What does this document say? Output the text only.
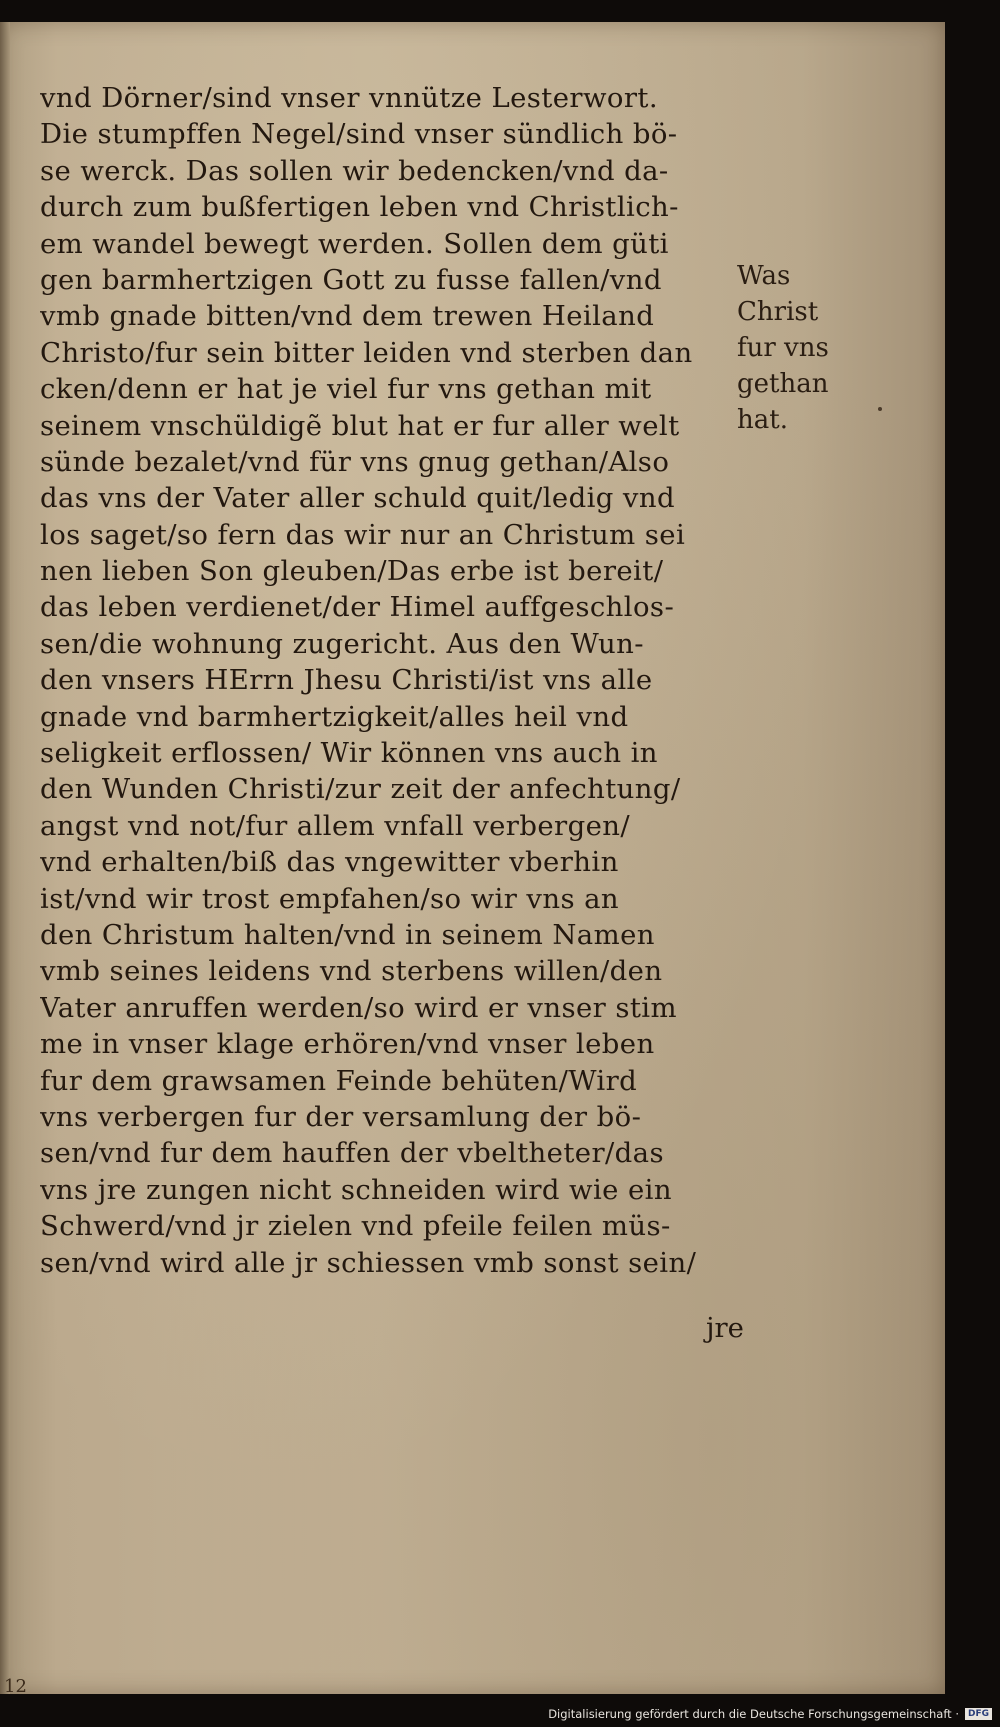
vnd Dörner/sind vnser vnnütze Lesterwort.
Die stumpffen Negel/sind vnser sündlich bö-
se werck. Das sollen wir bedencken/vnd da-
durch zum bußfertigen leben vnd Christlich-
em wandel bewegt werden. Sollen dem güti
gen barmhertzigen Gott zu fusse fallen/vnd
vmb gnade bitten/vnd dem trewen Heiland
Christo/fur sein bitter leiden vnd sterben dan
cken/denn er hat je viel fur vns gethan mit
seinem vnschüldigẽ blut hat er fur aller welt
sünde bezalet/vnd für vns gnug gethan/Also
das vns der Vater aller schuld quit/ledig vnd
los saget/so fern das wir nur an Christum sei
nen lieben Son gleuben/Das erbe ist bereit/
das leben verdienet/der Himel auffgeschlos-
sen/die wohnung zugericht. Aus den Wun-
den vnsers HErrn Jhesu Christi/ist vns alle
gnade vnd barmhertzigkeit/alles heil vnd
seligkeit erflossen/ Wir können vns auch in
den Wunden Christi/zur zeit der anfechtung/
angst vnd not/fur allem vnfall verbergen/
vnd erhalten/biß das vngewitter vberhin
ist/vnd wir trost empfahen/so wir vns an
den Christum halten/vnd in seinem Namen
vmb seines leidens vnd sterbens willen/den
Vater anruffen werden/so wird er vnser stim
me in vnser klage erhören/vnd vnser leben
fur dem grawsamen Feinde behüten/Wird
vns verbergen fur der versamlung der bö-
sen/vnd fur dem hauffen der vbeltheter/das
vns jre zungen nicht schneiden wird wie ein
Schwerd/vnd jr zielen vnd pfeile feilen müs-
sen/vnd wird alle jr schiessen vmb sonst sein/
jre
Was
Christ
fur vns
gethan
hat.
12
Digitalisierung gefördert durch die Deutsche Forschungsgemeinschaft ·	DFG
